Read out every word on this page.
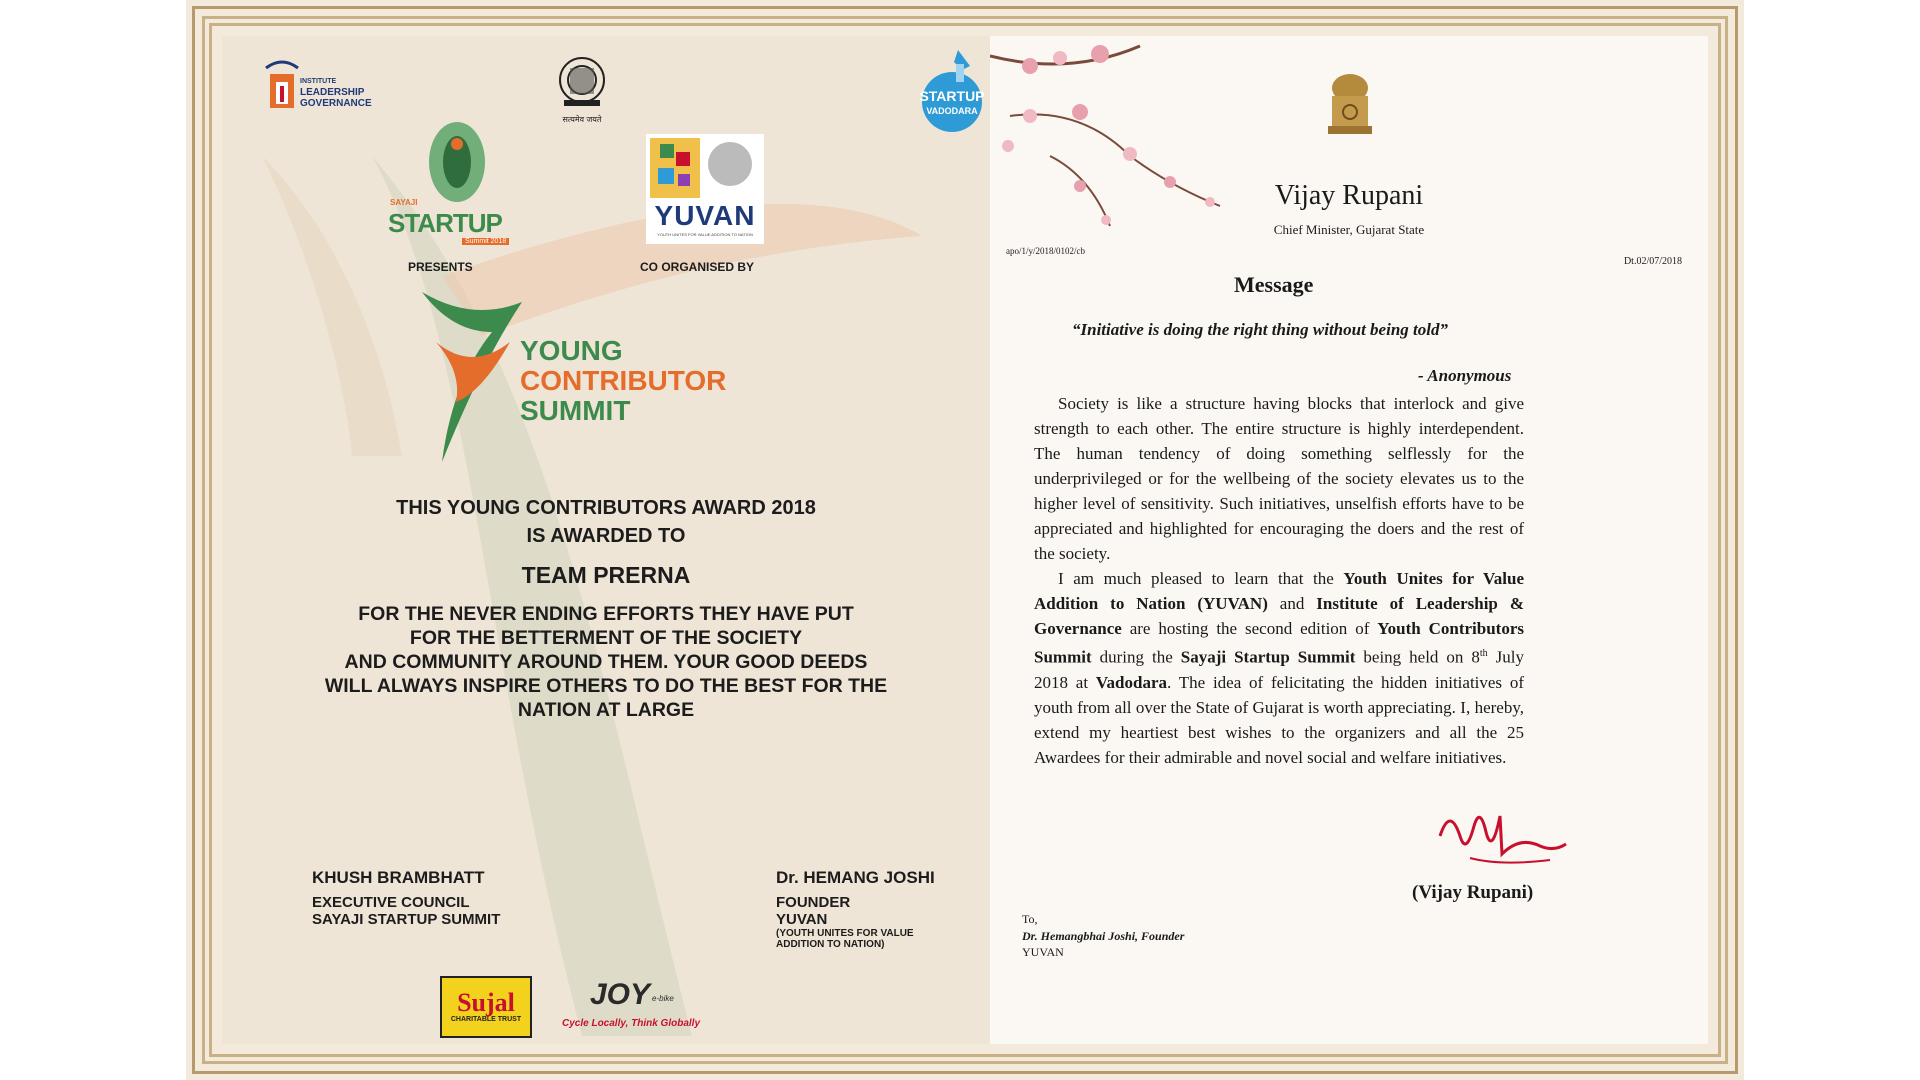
INSTITUTE
LEADERSHIP
GOVERNANCE
सत्यमेव जयते
STARTUP
VADODARA
SAYAJI
STARTUP
Summit 2018
PRESENTS
YUVAN
YOUTH UNITES FOR VALUE ADDITION TO NATION
CO ORGANISED BY
YOUNG
CONTRIBUTOR
SUMMIT
THIS YOUNG CONTRIBUTORS AWARD 2018
IS AWARDED TO
TEAM PRERNA
FOR THE NEVER ENDING EFFORTS THEY HAVE PUT
FOR THE BETTERMENT OF THE SOCIETY
AND COMMUNITY AROUND THEM. YOUR GOOD DEEDS
WILL ALWAYS INSPIRE OTHERS TO DO THE BEST FOR THE
NATION AT LARGE
KHUSH BRAMBHATT
EXECUTIVE COUNCIL
SAYAJI STARTUP SUMMIT
Dr. HEMANG JOSHI
FOUNDER
YUVAN
(YOUTH UNITES FOR VALUE
ADDITION TO NATION)
Sujal
CHARITABLE TRUST
JOY e-bike
Cycle Locally, Think Globally
Vijay Rupani
Chief Minister, Gujarat State
apo/1/y/2018/0102/cb
Dt.02/07/2018
Message
“Initiative is doing the right thing without being told”
- Anonymous
Society is like a structure having blocks that interlock and give strength to each other. The entire structure is highly interdependent. The human tendency of doing something selflessly for the underprivileged or for the wellbeing of the society elevates us to the higher level of sensitivity. Such initiatives, unselfish efforts have to be appreciated and highlighted for encouraging the doers and the rest of the society.
I am much pleased to learn that the Youth Unites for Value Addition to Nation (YUVAN) and Institute of Leadership & Governance are hosting the second edition of Youth Contributors Summit during the Sayaji Startup Summit being held on 8th July 2018 at Vadodara. The idea of felicitating the hidden initiatives of youth from all over the State of Gujarat is worth appreciating. I, hereby, extend my heartiest best wishes to the organizers and all the 25 Awardees for their admirable and novel social and welfare initiatives.
(Vijay Rupani)
To,
Dr. Hemangbhai Joshi, Founder
YUVAN
